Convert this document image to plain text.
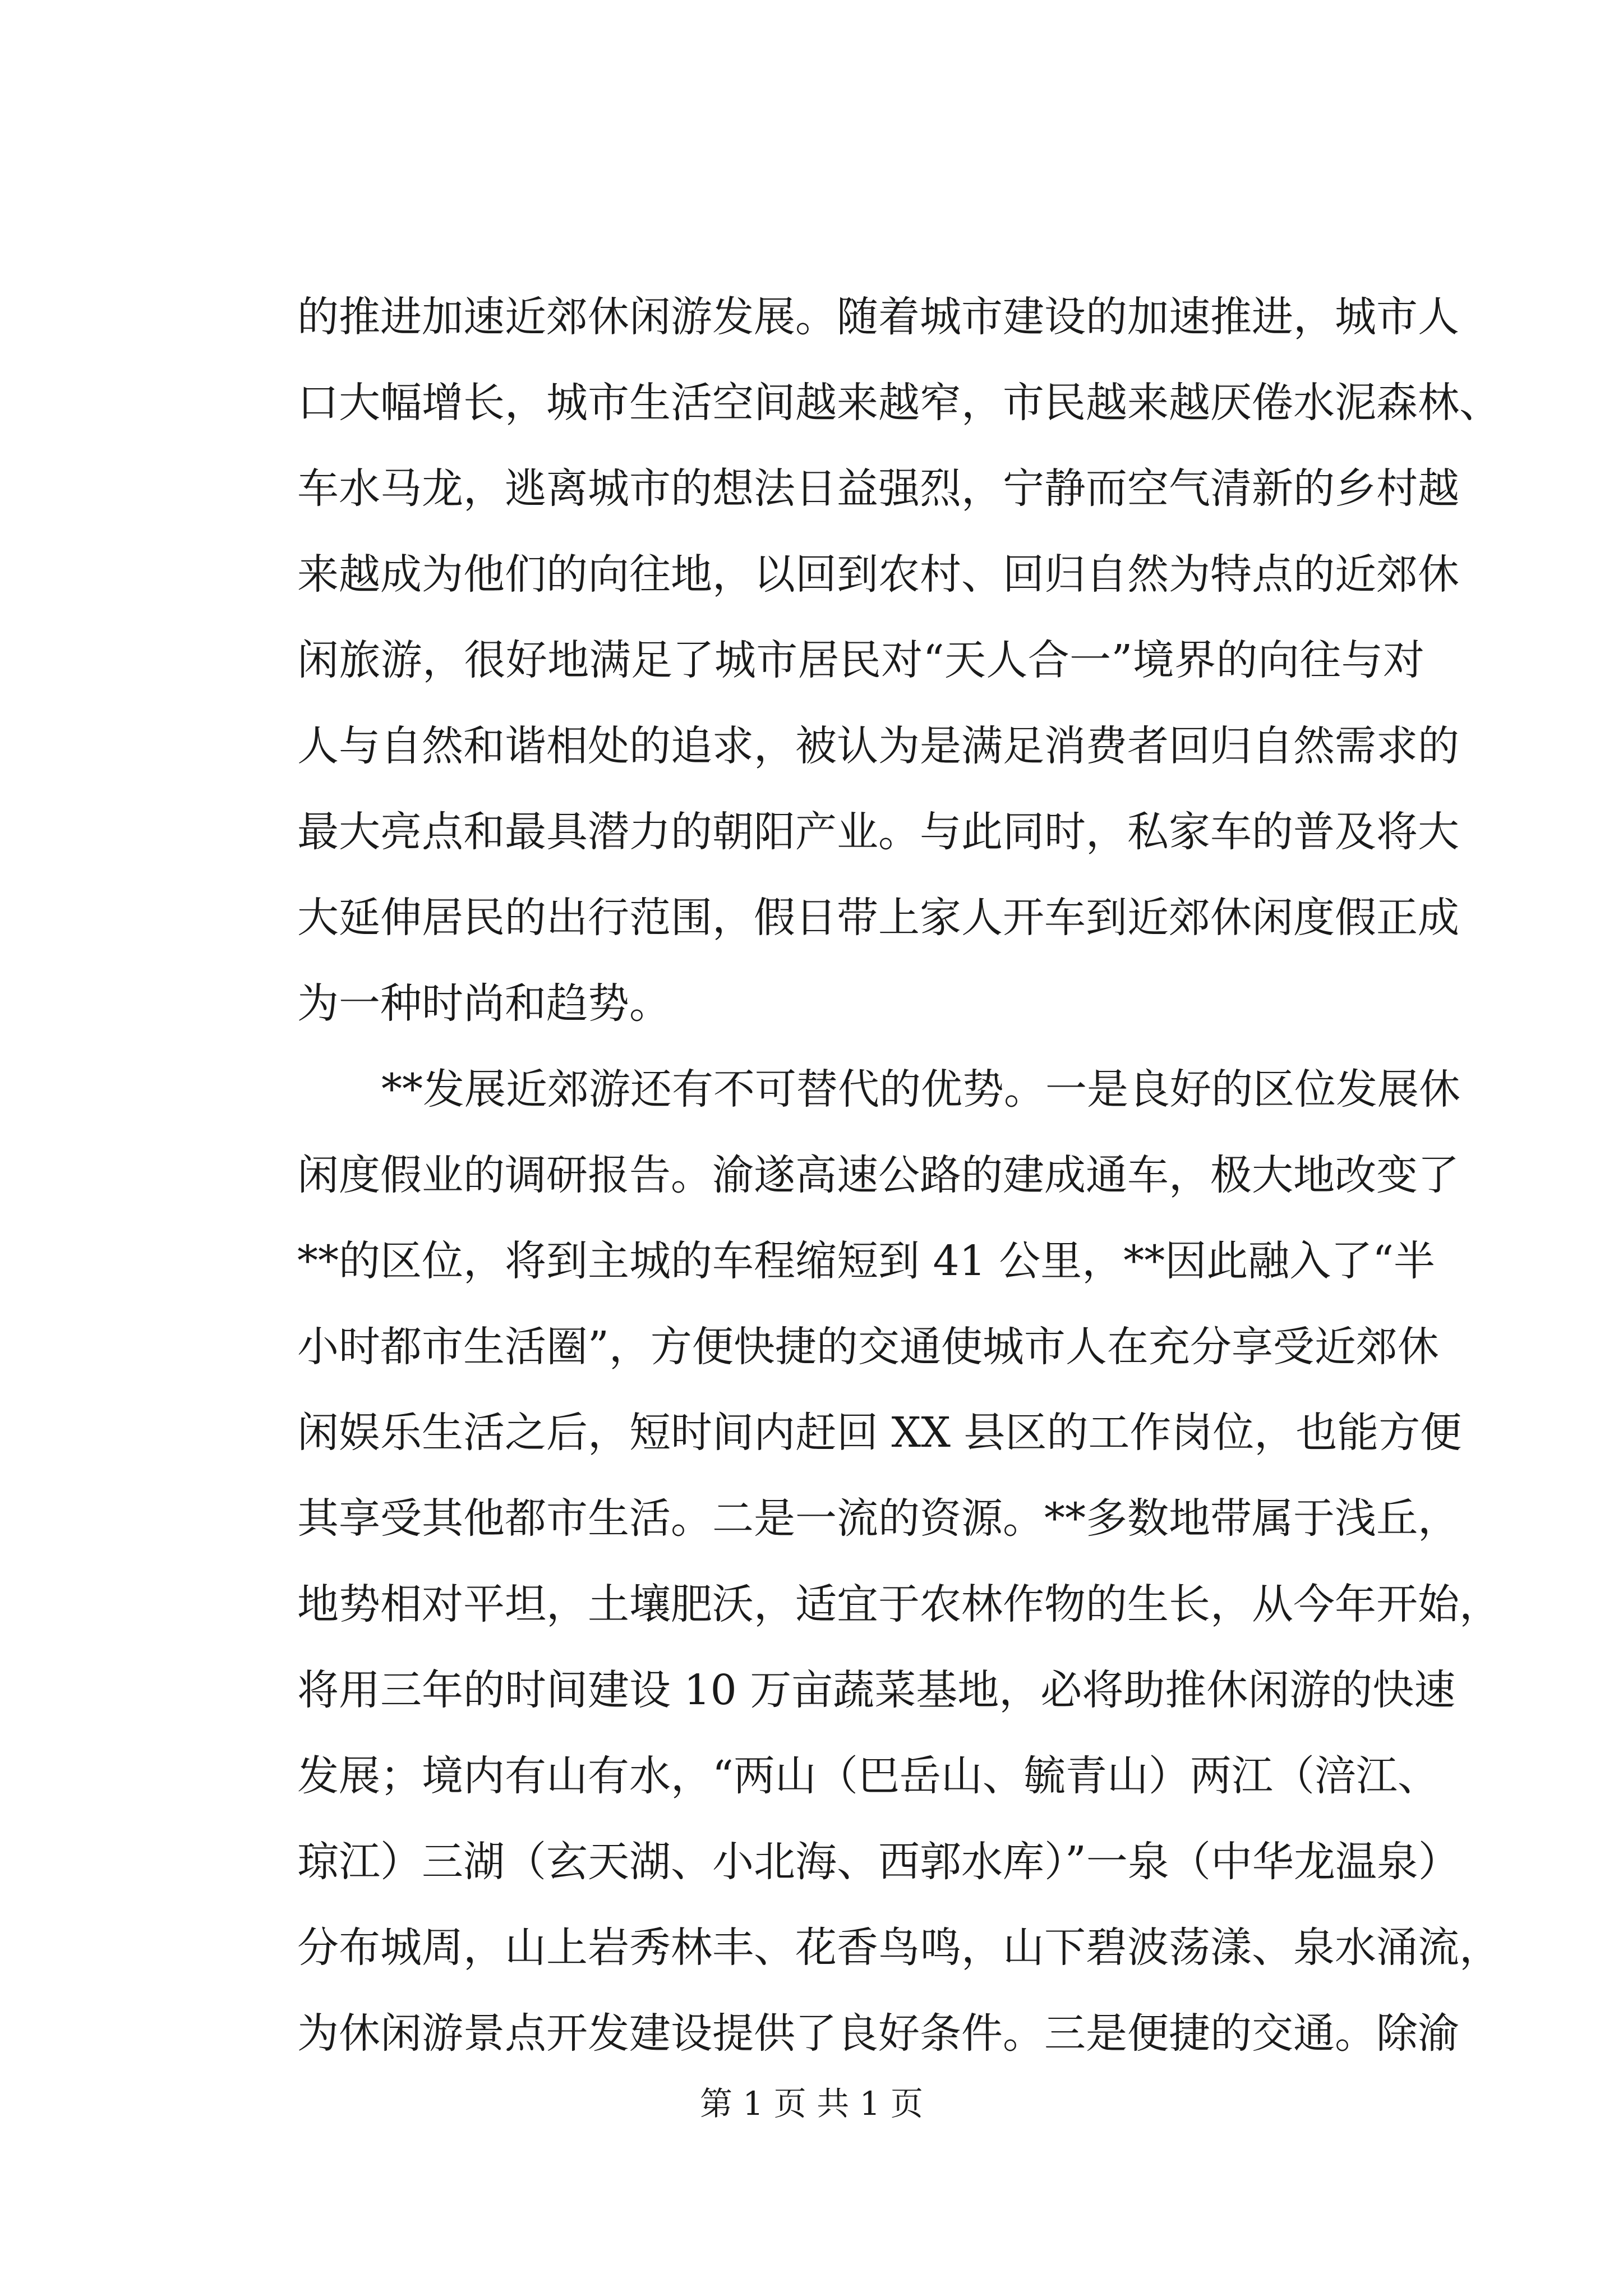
的推进加速近郊休闲游发展。随着城市建设的加速推进，城市人
口大幅增长，城市生活空间越来越窄，市民越来越厌倦水泥森林、
车水马龙，逃离城市的想法日益强烈，宁静而空气清新的乡村越
来越成为他们的向往地，以回到农村、回归自然为特点的近郊休
闲旅游，很好地满足了城市居民对“天人合一”境界的向往与对
人与自然和谐相处的追求，被认为是满足消费者回归自然需求的
最大亮点和最具潜力的朝阳产业。与此同时，私家车的普及将大
大延伸居民的出行范围，假日带上家人开车到近郊休闲度假正成
为一种时尚和趋势。
**发展近郊游还有不可替代的优势。一是良好的区位发展休
闲度假业的调研报告。渝遂高速公路的建成通车，极大地改变了
**的区位，将到主城的车程缩短到 41 公里，**因此融入了“半
小时都市生活圈”，方便快捷的交通使城市人在充分享受近郊休
闲娱乐生活之后，短时间内赶回 XX 县区的工作岗位，也能方便
其享受其他都市生活。二是一流的资源。**多数地带属于浅丘，
地势相对平坦，土壤肥沃，适宜于农林作物的生长，从今年开始，
将用三年的时间建设 10 万亩蔬菜基地，必将助推休闲游的快速
发展；境内有山有水，“两山（巴岳山、毓青山）两江（涪江、
琼江）三湖（玄天湖、小北海、西郭水库）”一泉（中华龙温泉）
分布城周，山上岩秀林丰、花香鸟鸣，山下碧波荡漾、泉水涌流，
为休闲游景点开发建设提供了良好条件。三是便捷的交通。除渝
第 1 页 共 1 页
